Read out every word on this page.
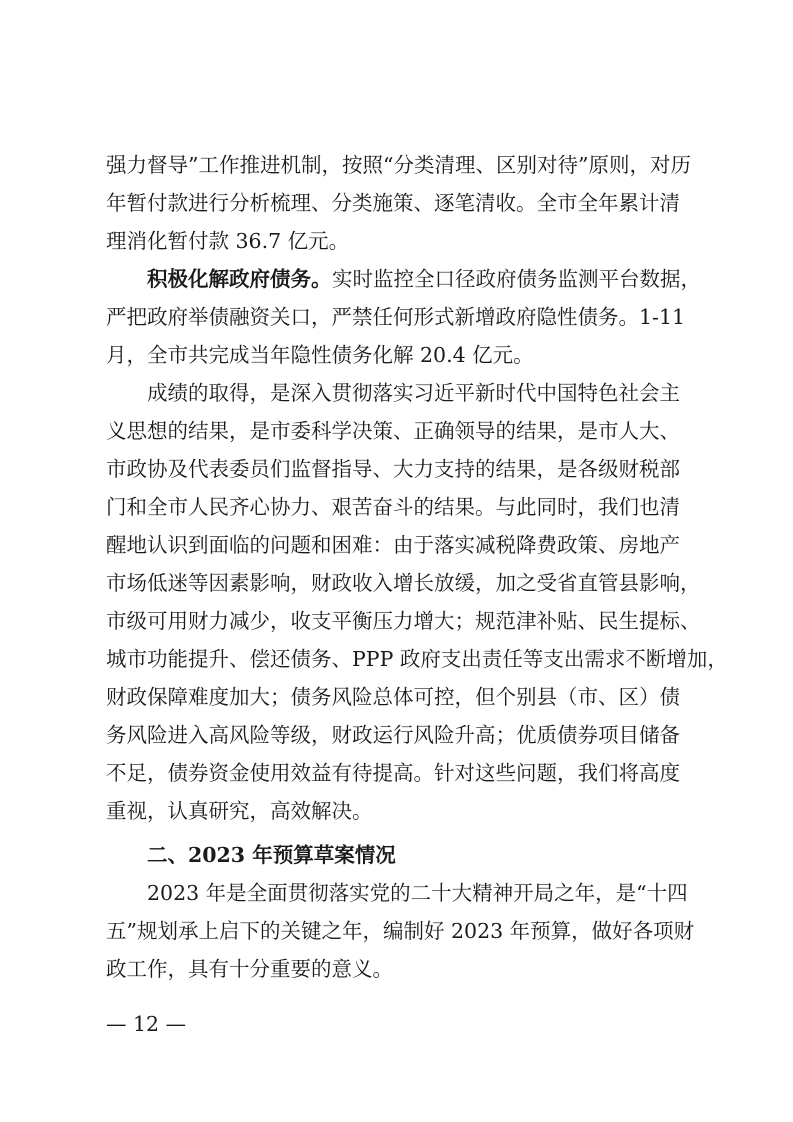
强力督导”工作推进机制，按照“分类清理、区别对待”原则，对历
年暂付款进行分析梳理、分类施策、逐笔清收。全市全年累计清
理消化暂付款 36.7 亿元。
积极化解政府债务。 实时监控全口径政府债务监测平台数据，
严把政府举债融资关口，严禁任何形式新增政府隐性债务。1-11
月，全市共完成当年隐性债务化解 20.4 亿元。
成绩的取得，是深入贯彻落实习近平新时代中国特色社会主
义思想的结果，是市委科学决策、正确领导的结果，是市人大、
市政协及代表委员们监督指导、大力支持的结果，是各级财税部
门和全市人民齐心协力、艰苦奋斗的结果。与此同时，我们也清
醒地认识到面临的问题和困难：由于落实减税降费政策、房地产
市场低迷等因素影响，财政收入增长放缓，加之受省直管县影响，
市级可用财力减少，收支平衡压力增大；规范津补贴、民生提标、
城市功能提升、偿还债务、PPP 政府支出责任等支出需求不断增加，
财政保障难度加大；债务风险总体可控，但个别县（市、区）债
务风险进入高风险等级，财政运行风险升高；优质债券项目储备
不足，债券资金使用效益有待提高。针对这些问题，我们将高度
重视，认真研究，高效解决。
二、2023 年预算草案情况
2023 年是全面贯彻落实党的二十大精神开局之年，是“十四
五”规划承上启下的关键之年，编制好 2023 年预算，做好各项财
政工作，具有十分重要的意义。
— 12 —
